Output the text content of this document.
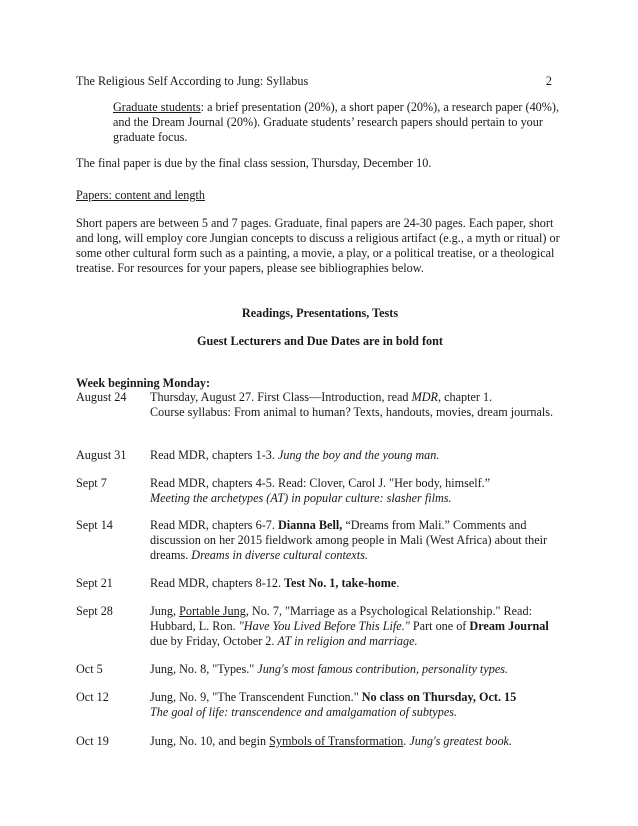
The Religious Self According to Jung: Syllabus	2
Graduate students: a brief presentation (20%), a short paper (20%), a research paper (40%), and the Dream Journal (20%). Graduate students’ research papers should pertain to your graduate focus.
The final paper is due by the final class session, Thursday, December 10.
Papers: content and length
Short papers are between 5 and 7 pages. Graduate, final papers are 24-30 pages. Each paper, short and long, will employ core Jungian concepts to discuss a religious artifact (e.g., a myth or ritual) or some other cultural form such as a painting, a movie, a play, or a political treatise, or a theological treatise. For resources for your papers, please see bibliographies below.
Readings, Presentations, Tests
Guest Lecturers and Due Dates are in bold font
Week beginning Monday:
August 24	Thursday, August 27. First Class—Introduction, read MDR, chapter 1.
Course syllabus: From animal to human? Texts, handouts, movies, dream journals.
August 31	Read MDR, chapters 1-3. Jung the boy and the young man.
Sept 7	Read MDR, chapters 4-5. Read: Clover, Carol J. "Her body, himself.”
Meeting the archetypes (AT) in popular culture: slasher films.
Sept 14	Read MDR, chapters 6-7. Dianna Bell, “Dreams from Mali.” Comments and discussion on her 2015 fieldwork among people in Mali (West Africa) about their dreams. Dreams in diverse cultural contexts.
Sept 21	Read MDR, chapters 8-12. Test No. 1, take-home.
Sept 28	Jung, Portable Jung, No. 7, "Marriage as a Psychological Relationship." Read: Hubbard, L. Ron. "Have You Lived Before This Life." Part one of Dream Journal due by Friday, October 2. AT in religion and marriage.
Oct 5	Jung, No. 8, "Types." Jung's most famous contribution, personality types.
Oct 12	Jung, No. 9, "The Transcendent Function." No class on Thursday, Oct. 15
The goal of life: transcendence and amalgamation of subtypes.
Oct 19	Jung, No. 10, and begin Symbols of Transformation. Jung's greatest book.
